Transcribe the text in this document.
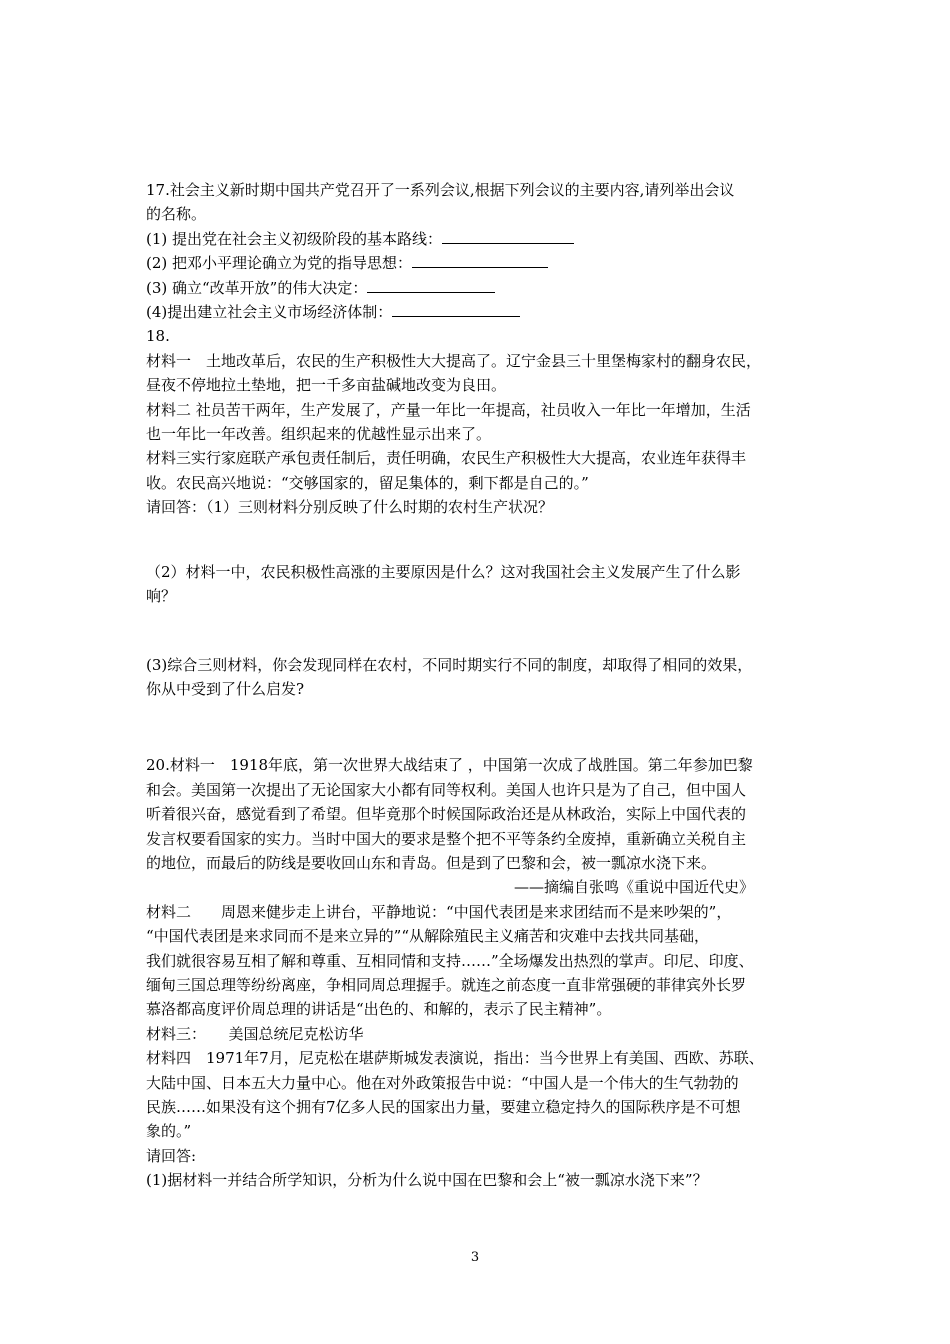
17.社会主义新时期中国共产党召开了一系列会议,根据下列会议的主要内容,请列举出会议
的名称。
(1) 提出党在社会主义初级阶段的基本路线：
(2) 把邓小平理论确立为党的指导思想：
(3) 确立“改革开放”的伟大决定：
(4)提出建立社会主义市场经济体制：
18.
材料一　土地改革后，农民的生产积极性大大提高了。辽宁金县三十里堡梅家村的翻身农民，
昼夜不停地拉土垫地，把一千多亩盐碱地改变为良田。
材料二 社员苦干两年，生产发展了，产量一年比一年提高，社员收入一年比一年增加，生活
也一年比一年改善。组织起来的优越性显示出来了。
材料三实行家庭联产承包责任制后，责任明确，农民生产积极性大大提高，农业连年获得丰
收。农民高兴地说：“交够国家的，留足集体的，剩下都是自己的。”
请回答：（1）三则材料分别反映了什么时期的农村生产状况？
（2）材料一中，农民积极性高涨的主要原因是什么？这对我国社会主义发展产生了什么影
响？
(3)综合三则材料，你会发现同样在农村，不同时期实行不同的制度，却取得了相同的效果，
你从中受到了什么启发?
20.材料一　1918年底，第一次世界大战结束了 ，中国第一次成了战胜国。第二年参加巴黎
和会。美国第一次提出了无论国家大小都有同等权利。美国人也许只是为了自己，但中国人
听着很兴奋，感觉看到了希望。但毕竟那个时候国际政治还是从林政治，实际上中国代表的
发言权要看国家的实力。当时中国大的要求是整个把不平等条约全废掉，重新确立关税自主
的地位，而最后的防线是要收回山东和青岛。但是到了巴黎和会，被一瓢凉水浇下来。
——摘编自张鸣《重说中国近代史》
材料二　　周恩来健步走上讲台，平静地说：“中国代表团是来求团结而不是来吵架的”，
“中国代表团是来求同而不是来立异的”“从解除殖民主义痛苦和灾难中去找共同基础，
我们就很容易互相了解和尊重、互相同情和支持……”全场爆发出热烈的掌声。印尼、印度、
缅甸三国总理等纷纷离座，争相同周总理握手。就连之前态度一直非常强硬的菲律宾外长罗
慕洛都高度评价周总理的讲话是“出色的、和解的，表示了民主精神”。
材料三：　　美国总统尼克松访华
材料四　1971年7月，尼克松在堪萨斯城发表演说，指出：当今世界上有美国、西欧、苏联、
大陆中国、日本五大力量中心。他在对外政策报告中说：“中国人是一个伟大的生气勃勃的
民族……如果没有这个拥有7亿多人民的国家出力量，要建立稳定持久的国际秩序是不可想
象的。”
请回答:
(1)据材料一并结合所学知识，分析为什么说中国在巴黎和会上“被一瓢凉水浇下来”？
3
